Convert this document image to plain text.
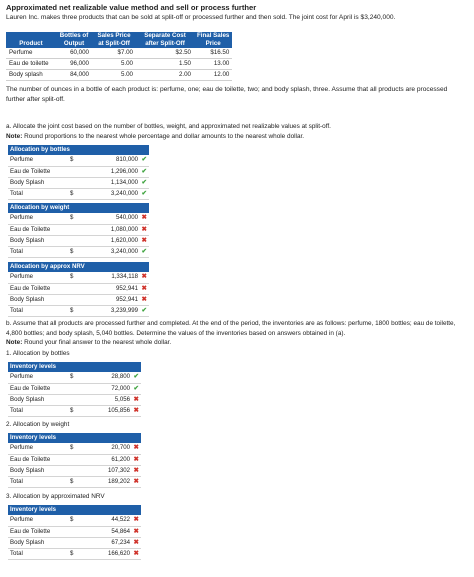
Approximated net realizable value method and sell or process further
Lauren Inc. makes three products that can be sold at split-off or processed further and then sold. The joint cost for April is $3,240,000.
	Bottles of	Sales Price	Separate Cost	Final Sales
Product	Output	at Split-Off	after Split-Off	Price
Perfume	60,000	$7.00	$2.50	$16.50
Eau de toilette	96,000	5.00	1.50	13.00
Body splash	84,000	5.00	2.00	12.00
The number of ounces in a bottle of each product is: perfume, one; eau de toilette, two; and body splash, three. Assume that all products are processed further after split-off.
a. Allocate the joint cost based on the number of bottles, weight, and approximated net realizable values at split-off.
Note: Round proportions to the nearest whole percentage and dollar amounts to the nearest whole dollar.
Allocation by bottles		
Perfume	$	810,000 ✔
Eau de Toilette		1,296,000 ✔
Body Splash		1,134,000 ✔
Total	$	3,240,000 ✔
Allocation by weight		
Perfume	$	540,000 ✖
Eau de Toilette		1,080,000 ✖
Body Splash		1,620,000 ✖
Total	$	3,240,000 ✔
Allocation by approx NRV		
Perfume	$	1,334,118 ✖
Eau de Toilette		952,941 ✖
Body Splash		952,941 ✖
Total	$	3,239,999 ✔
b. Assume that all products are processed further and completed. At the end of the period, the inventories are as follows: perfume, 1800 bottles; eau de toilette, 4,800 bottles; and body splash, 5,040 bottles. Determine the values of the inventories based on answers obtained in (a).
Note: Round your final answer to the nearest whole dollar.
1. Allocation by bottles
Inventory levels		
Perfume	$	28,800 ✔
Eau de Toilette		72,000 ✔
Body Splash		5,056 ✖
Total	$	105,856 ✖
2. Allocation by weight
Inventory levels		
Perfume	$	20,700 ✖
Eau de Toilette		61,200 ✖
Body Splash		107,302 ✖
Total	$	189,202 ✖
3. Allocation by approximated NRV
Inventory levels		
Perfume	$	44,522 ✖
Eau de Toilette		54,864 ✖
Body Splash		67,234 ✖
Total	$	166,620 ✖
